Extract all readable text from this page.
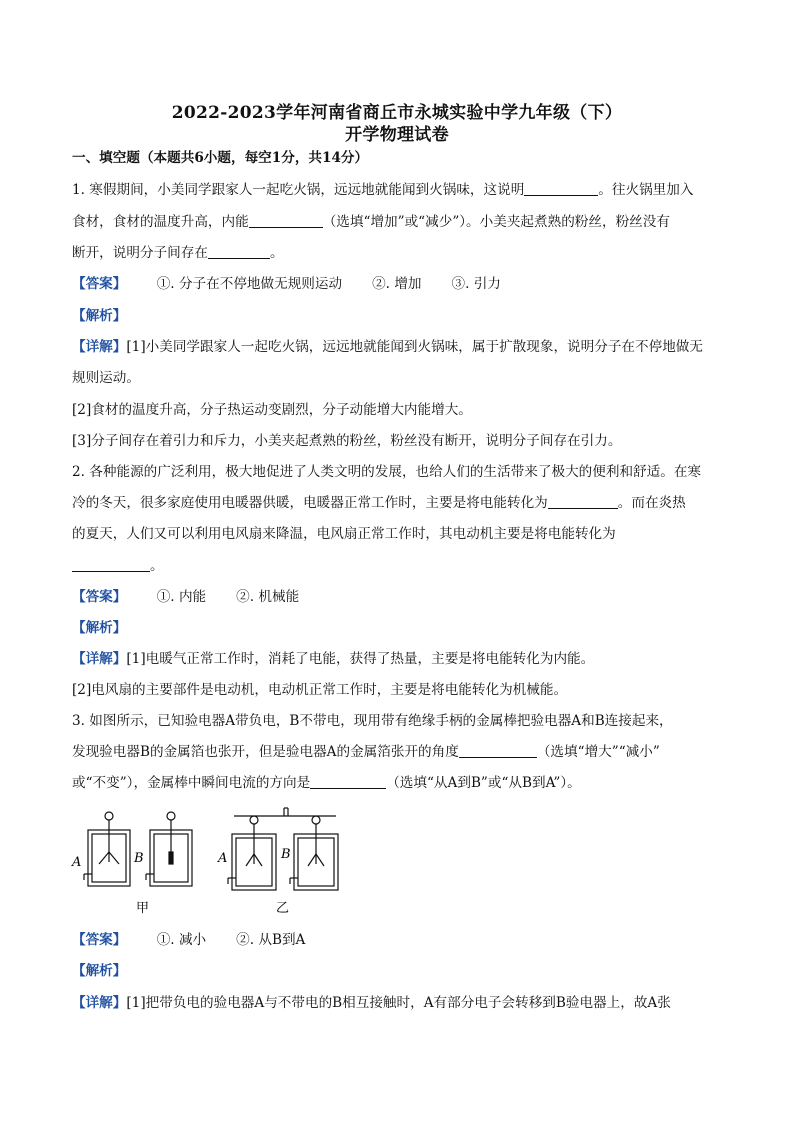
2022-2023学年河南省商丘市永城实验中学九年级（下）
开学物理试卷
一、填空题（本题共6小题，每空1分，共14分）
1. 寒假期间，小美同学跟家人一起吃火锅，远远地就能闻到火锅味，这说明	。往火锅里加入
食材，食材的温度升高，内能	（选填“增加”或“减少”）。小美夹起煮熟的粉丝，粉丝没有
断开，说明分子间存在	。
【答案】 ①. 分子在不停地做无规则运动 ②. 增加 ③. 引力
【解析】
【详解】[1]小美同学跟家人一起吃火锅，远远地就能闻到火锅味，属于扩散现象，说明分子在不停地做无
规则运动。
[2]食材的温度升高，分子热运动变剧烈，分子动能增大内能增大。
[3]分子间存在着引力和斥力，小美夹起煮熟的粉丝，粉丝没有断开，说明分子间存在引力。
2. 各种能源的广泛利用，极大地促进了人类文明的发展，也给人们的生活带来了极大的便利和舒适。在寒
冷的冬天，很多家庭使用电暖器供暖，电暖器正常工作时，主要是将电能转化为	。而在炎热
的夏天，人们又可以利用电风扇来降温，电风扇正常工作时，其电动机主要是将电能转化为
。
【答案】 ①. 内能 ②. 机械能
【解析】
【详解】[1]电暖气正常工作时，消耗了电能，获得了热量，主要是将电能转化为内能。
[2]电风扇的主要部件是电动机，电动机正常工作时，主要是将电能转化为机械能。
3. 如图所示，已知验电器A带负电，B不带电，现用带有绝缘手柄的金属棒把验电器A和B连接起来，
发现验电器B的金属箔也张开，但是验电器A的金属箔张开的角度	（选填“增大”“减小”
或“不变”），金属棒中瞬间电流的方向是	（选填“从A到B”或“从B到A”）。
A	B	A	B
甲	乙
【答案】 ①. 减小 ②. 从B到A
【解析】
【详解】[1]把带负电的验电器A与不带电的B相互接触时，A有部分电子会转移到B验电器上，故A张
